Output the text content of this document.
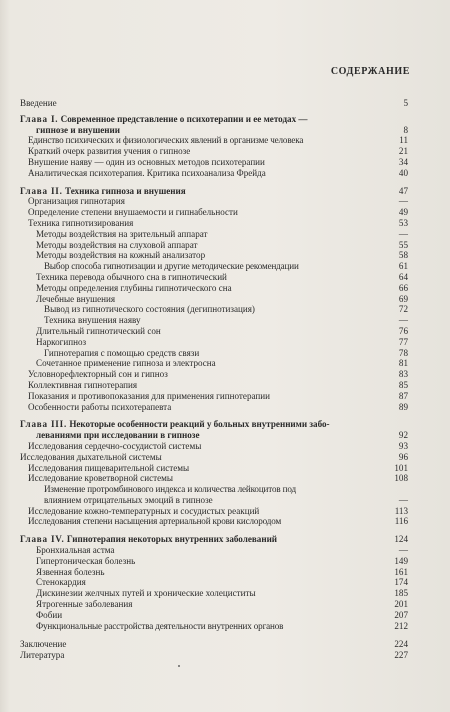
СОДЕРЖАНИЕ
Введение	5
Глава I. Современное представление о психотерапии и ее методах —
гипнозе и внушении	8
Единство психических и физиологических явлений в организме человека	11
Краткий очерк развития учения о гипнозе	21
Внушение наяву — один из основных методов психотерапии	34
Аналитическая психотерапия. Критика психоанализа Фрейда	40
Глава II. Техника гипноза и внушения	47
Организация гипнотария	—
Определение степени внушаемости и гипнабельности	49
Техника гипнотизирования	53
Методы воздействия на зрительный аппарат	—
Методы воздействия на слуховой аппарат	55
Методы воздействия на кожный анализатор	58
Выбор способа гипнотизации и другие методические рекомендации	61
Техника перевода обычного сна в гипнотический	64
Методы определения глубины гипнотического сна	66
Лечебные внушения	69
Вывод из гипнотического состояния (дегипнотизация)	72
Техника внушения наяву	—
Длительный гипнотический сон	76
Наркогипноз	77
Гипнотерапия с помощью средств связи	78
Сочетанное применение гипноза и электросна	81
Условнорефлекторный сон и гипноз	83
Коллективная гипнотерапия	85
Показания и противопоказания для применения гипнотерапии	87
Особенности работы психотерапевта	89
Глава III. Некоторые особенности реакций у больных внутренними забо-
леваниями при исследовании в гипнозе	92
Исследования сердечно-сосудистой системы	93
Исследования дыхательной системы	96
Исследования пищеварительной системы	101
Исследование кроветворной системы	108
Изменение протромбинового индекса и количества лейкоцитов под
влиянием отрицательных эмоций в гипнозе	—
Исследование кожно-температурных и сосудистых реакций	113
Исследования степени насыщения артериальной крови кислородом	116
Глава IV. Гипнотерапия некоторых внутренних заболеваний	124
Бронхиальная астма	—
Гипертоническая болезнь	149
Язвенная болезнь	161
Стенокардия	174
Дискинезии желчных путей и хронические холециститы	185
Ятрогенные заболевания	201
Фобии	207
Функциональные расстройства деятельности внутренних органов	212
Заключение	224
Литература	227
